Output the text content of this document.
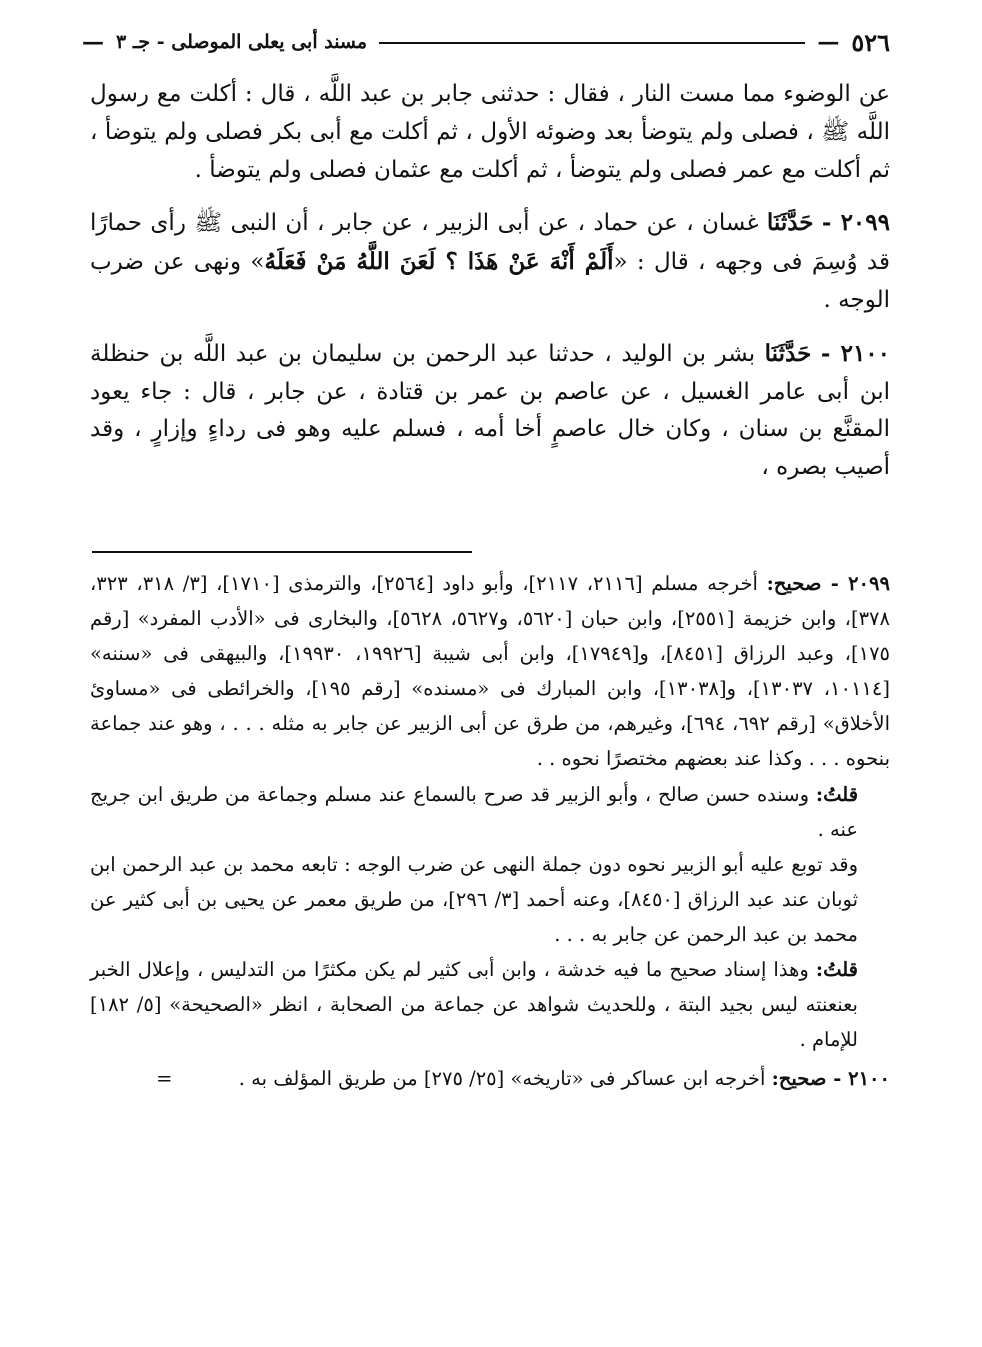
٥٢٦
—
مسند أبى يعلى الموصلى - جـ ٣
—

عن الوضوء مما مست النار ، فقال : حدثنى جابر بن عبد اللَّه ، قال : أكلت مع رسول اللَّه ﷺ ، فصلى ولم يتوضأ بعد وضوئه الأول ، ثم أكلت مع أبى بكر فصلى ولم يتوضأ ، ثم أكلت مع عمر فصلى ولم يتوضأ ، ثم أكلت مع عثمان فصلى ولم يتوضأ .

٢٠٩٩ - حَدَّثَنَا غسان ، عن حماد ، عن أبى الزبير ، عن جابر ، أن النبى ﷺ رأى حمارًا قد وُسِمَ فى وجهه ، قال : «أَلَمْ أَنْهَ عَنْ هَذَا ؟ لَعَنَ اللَّهُ مَنْ فَعَلَهُ» ونهى عن ضرب الوجه .

٢١٠٠ - حَدَّثَنَا بشر بن الوليد ، حدثنا عبد الرحمن بن سليمان بن عبد اللَّه بن حنظلة ابن أبى عامر الغسيل ، عن عاصم بن عمر بن قتادة ، عن جابر ، قال : جاء يعود المقنَّع بن سنان ، وكان خال عاصمٍ أخا أمه ، فسلم عليه وهو فى رداءٍ وإزارٍ ، وقد أصيب بصره ،

٢٠٩٩ - صحيح: أخرجه مسلم [٢١١٦، ٢١١٧]، وأبو داود [٢٥٦٤]، والترمذى [١٧١٠]، [٣/ ٣١٨، ٣٢٣، ٣٧٨]، وابن خزيمة [٢٥٥١]، وابن حبان [٥٦٢٠، و٥٦٢٧، ٥٦٢٨]، والبخارى فى «الأدب المفرد» [رقم ١٧٥]، وعبد الرزاق [٨٤٥١]، و[١٧٩٤٩]، وابن أبى شيبة [١٩٩٢٦، ١٩٩٣٠]، والبيهقى فى «سننه» [١٠١١٤، ١٣٠٣٧]، و[١٣٠٣٨]، وابن المبارك فى «مسنده» [رقم ١٩٥]، والخرائطى فى «مساوئ الأخلاق» [رقم ٦٩٢، ٦٩٤]، وغيرهم، من طرق عن أبى الزبير عن جابر به مثله . . . ، وهو عند جماعة بنحوه . . . وكذا عند بعضهم مختصرًا نحوه . .

قلتُ: وسنده حسن صالح ، وأبو الزبير قد صرح بالسماع عند مسلم وجماعة من طريق ابن جريج عنه .

وقد توبع عليه أبو الزبير نحوه دون جملة النهى عن ضرب الوجه : تابعه محمد بن عبد الرحمن ابن ثوبان عند عبد الرزاق [٨٤٥٠]، وعنه أحمد [٣/ ٢٩٦]، من طريق معمر عن يحيى بن أبى كثير عن محمد بن عبد الرحمن عن جابر به . . .

قلتُ: وهذا إسناد صحيح ما فيه خدشة ، وابن أبى كثير لم يكن مكثرًا من التدليس ، وإعلال الخبر بعنعنته ليس بجيد البتة ، وللحديث شواهد عن جماعة من الصحابة ، انظر «الصحيحة» [٥/ ١٨٢] للإمام .

٢١٠٠ - صحيح: أخرجه ابن عساكر فى «تاريخه» [٢٥/ ٢٧٥] من طريق المؤلف به . =
